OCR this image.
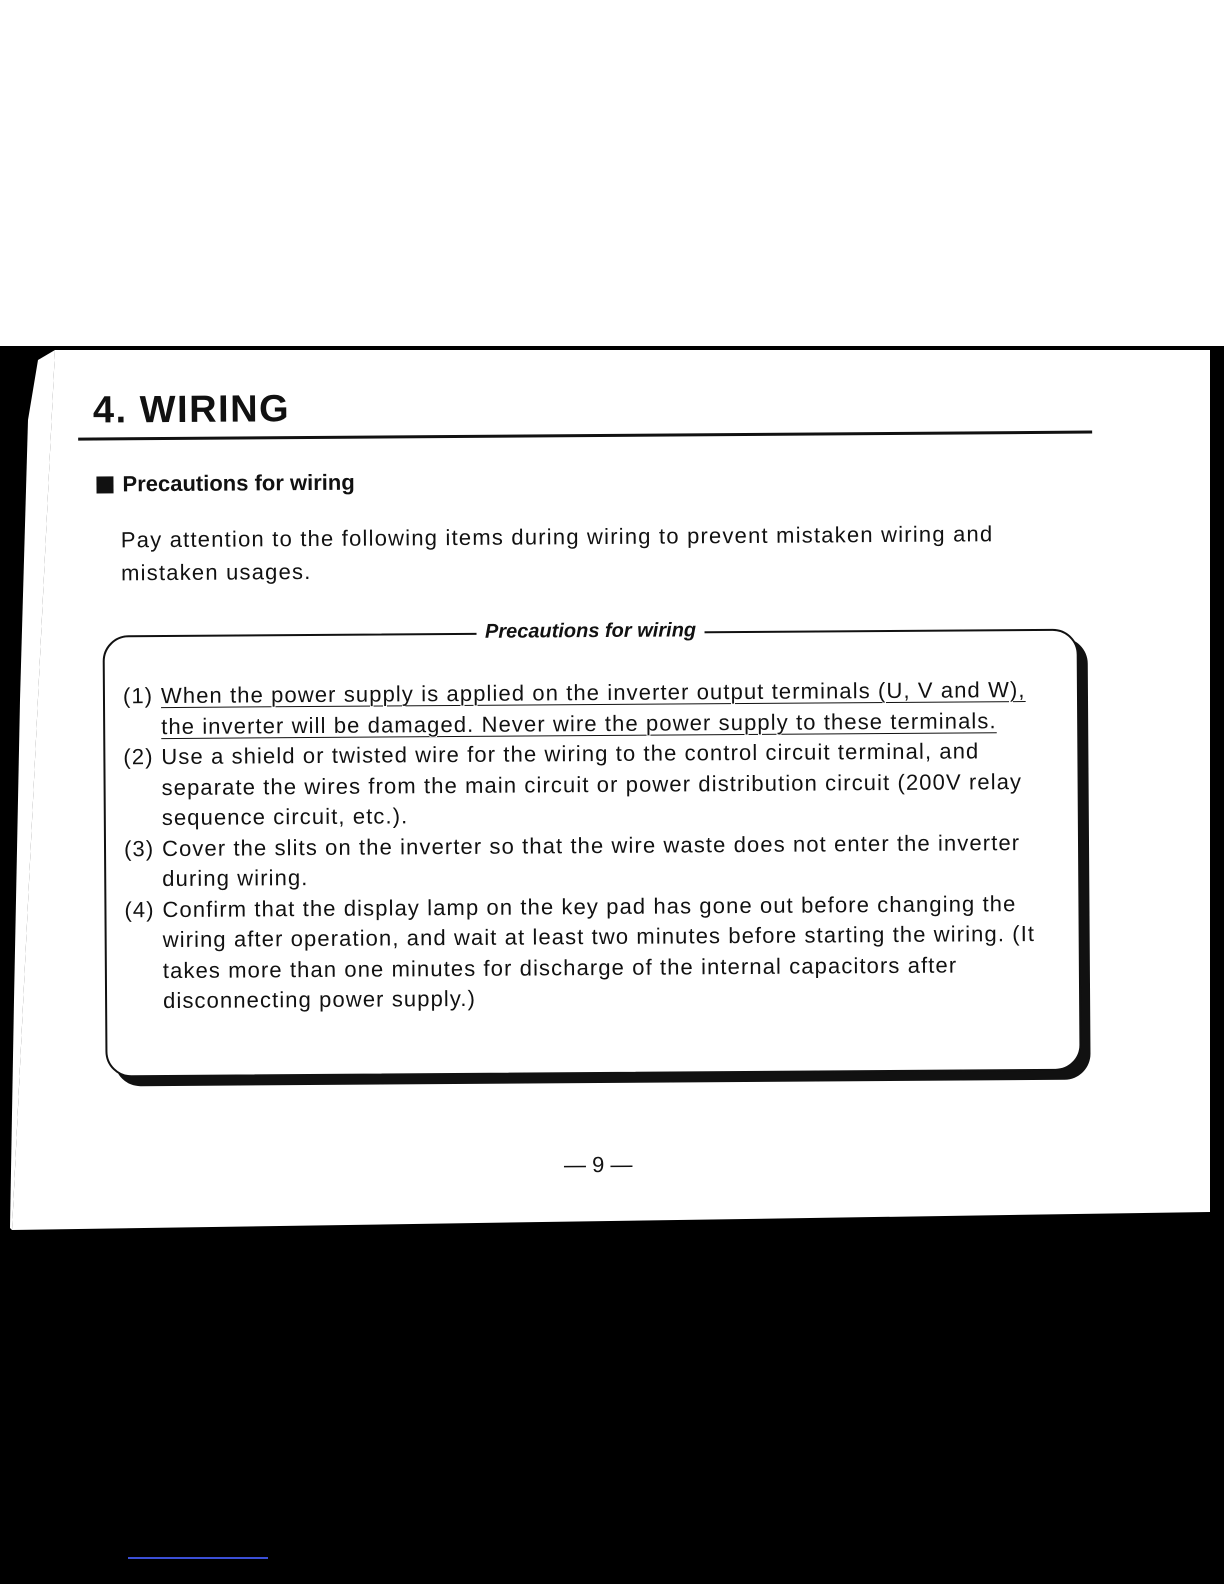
4. WIRING
Precautions for wiring

Pay attention to the following items during wiring to prevent mistaken wiring and mistaken usages.

Precautions for wiring
(1) When the power supply is applied on the inverter output terminals (U, V and W), the inverter will be damaged. Never wire the power supply to these terminals.
(2) Use a shield or twisted wire for the wiring to the control circuit terminal, and separate the wires from the main circuit or power distribution circuit (200V relay sequence circuit, etc.).
(3) Cover the slits on the inverter so that the wire waste does not enter the inverter during wiring.
(4) Confirm that the display lamp on the key pad has gone out before changing the wiring after operation, and wait at least two minutes before starting the wiring. (It takes more than one minutes for discharge of the internal capacitors after disconnecting power supply.)

— 9 —
